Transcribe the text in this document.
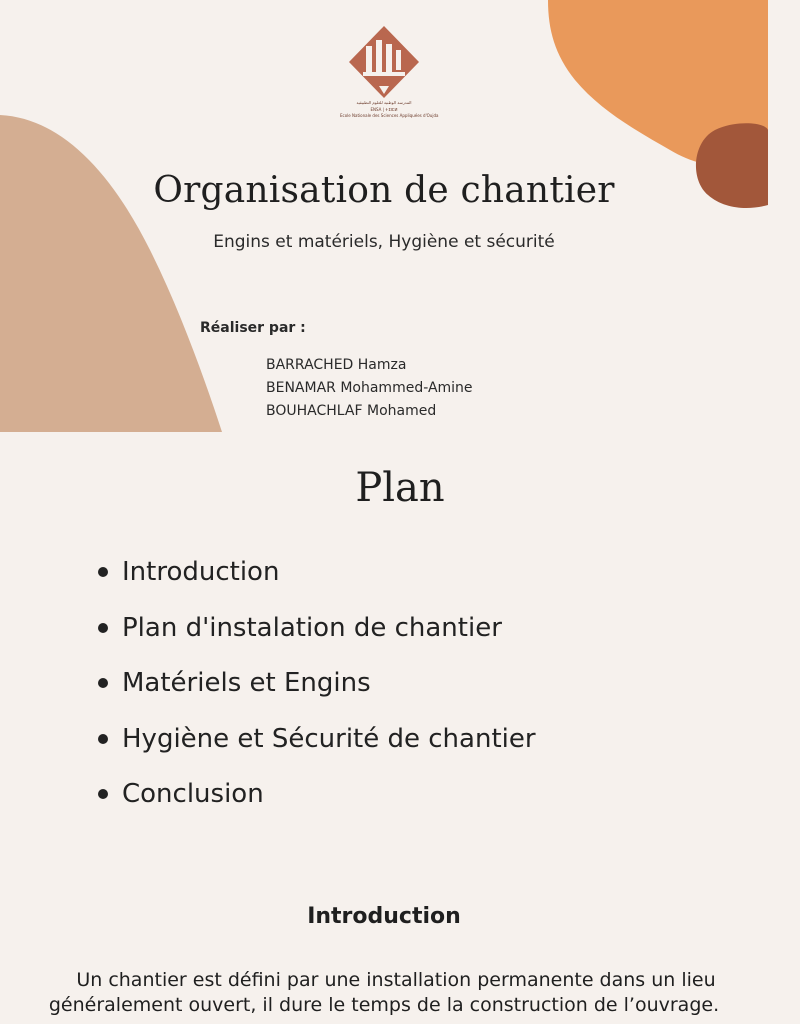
المدرسة الوطنية للعلوم التطبيقية
ENSA | ⵜⵉⵏⵎⵍ
Ecole Nationale des Sciences Appliquées d'Oujda
Organisation de chantier
Engins et matériels, Hygiène et sécurité
Réaliser par :
BARRACHED Hamza
BENAMAR Mohammed-Amine
BOUHACHLAF Mohamed
Plan
Introduction
Plan d'instalation de chantier
Matériels et Engins
Hygiène et Sécurité de chantier
Conclusion
Introduction
Un chantier est défini par une installation permanente dans un lieu généralement ouvert, il dure le temps de la construction de l’ouvrage.
